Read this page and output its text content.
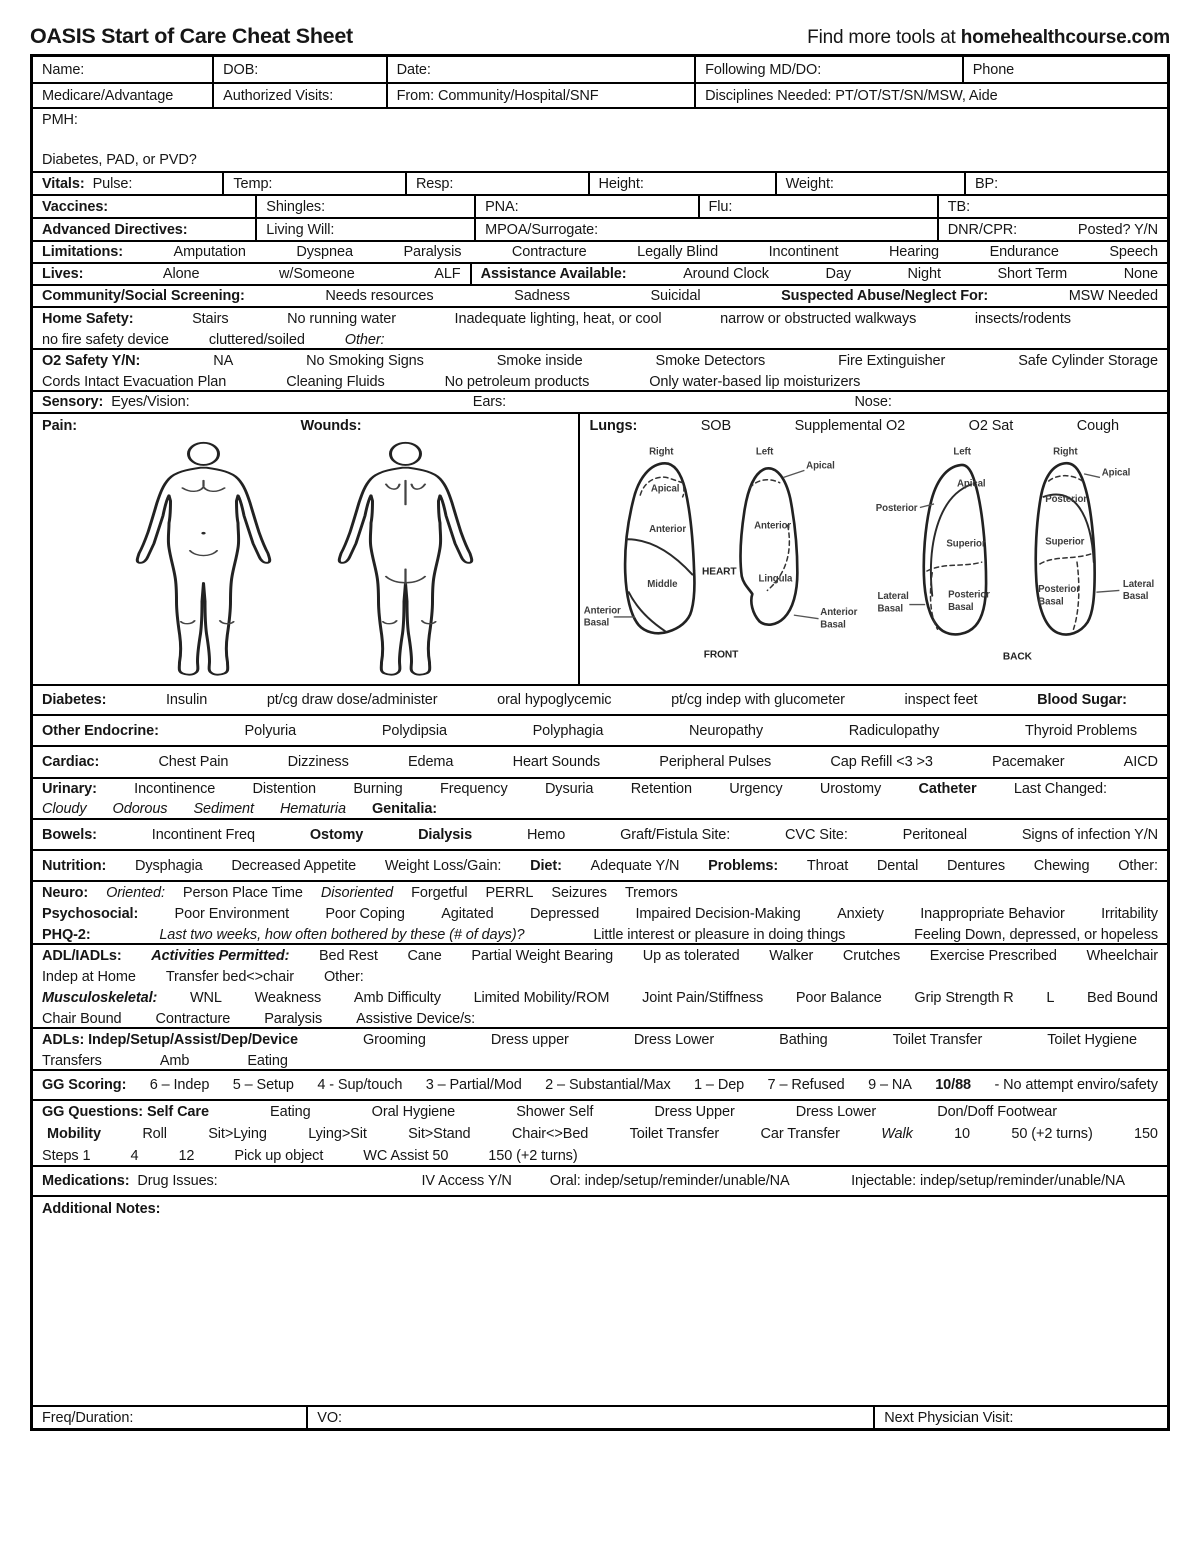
OASIS Start of Care Cheat Sheet	Find more tools at homehealthcourse.com
Name:	DOB:	Date:	Following MD/DO:	Phone
Medicare/Advantage	Authorized Visits:	From: Community/Hospital/SNF	Disciplines Needed: PT/OT/ST/SN/MSW, Aide
PMH:
Diabetes, PAD, or PVD?
Vitals: Pulse:	Temp:	Resp:	Height:	Weight:	BP:
Vaccines:	Shingles:	PNA:	Flu:	TB:
Advanced Directives:	Living Will:	MPOA/Surrogate:	DNR/CPR:	Posted? Y/N
Limitations:	Amputation	Dyspnea	Paralysis	Contracture	Legally Blind	Incontinent	Hearing	Endurance	Speech
Lives:	Alone	w/Someone	ALF Assistance Available:	Around Clock	Day	Night	Short Term	None
Community/Social Screening:	Needs resources	Sadness	Suicidal	Suspected Abuse/Neglect For:	MSW Needed
Home Safety:	Stairs	No running water	Inadequate lighting, heat, or cool	narrow or obstructed walkways	insects/rodents
no fire safety device	cluttered/soiled	Other:
O2 Safety Y/N:	NA	No Smoking Signs	Smoke inside	Smoke Detectors	Fire Extinguisher	Safe Cylinder Storage
Cords Intact Evacuation Plan	Cleaning Fluids	No petroleum products	Only water-based lip moisturizers
Sensory: Eyes/Vision:	Ears:	Nose:
Pain:	Wounds:	Lungs:	SOB	Supplemental O2	O2 Sat	Cough
Right	Left
Apical
Apical
Anterior	Anterior
Middle	Lingula
HEART
FRONT
Anterior
Basal
Anterior
Basal
Left	Right
Apical
Apical
Posterior
Posterior
Superior	Superior
Posterior
Basal
Posterior
Basal
Lateral
Basal
Lateral
Basal
BACK
Diabetes:	Insulin	pt/cg draw dose/administer	oral hypoglycemic	pt/cg indep with glucometer	inspect feet	Blood Sugar:
Other Endocrine:	Polyuria	Polydipsia	Polyphagia	Neuropathy	Radiculopathy	Thyroid Problems
Cardiac:	Chest Pain	Dizziness	Edema	Heart Sounds	Peripheral Pulses	Cap Refill <3 >3	Pacemaker	AICD
Urinary:	Incontinence	Distention	Burning	Frequency	Dysuria	Retention	Urgency	Urostomy	Catheter	Last Changed:
Cloudy Odorous Sediment Hematuria Genitalia:
Bowels:	Incontinent Freq	Ostomy	Dialysis	Hemo	Graft/Fistula Site:	CVC Site:	Peritoneal	Signs of infection Y/N
Nutrition: Dysphagia Decreased Appetite Weight Loss/Gain: Diet: Adequate Y/N Problems: Throat Dental Dentures Chewing Other:
Neuro: Oriented: Person Place Time Disoriented Forgetful PERRL Seizures Tremors
Psychosocial:	Poor Environment	Poor Coping	Agitated	Depressed	Impaired Decision-Making	Anxiety	Inappropriate Behavior	Irritability
PHQ-2:	Last two weeks, how often bothered by these (# of days)?	Little interest or pleasure in doing things	Feeling Down, depressed, or hopeless
ADL/IADLs: Activities Permitted: Bed Rest Cane Partial Weight Bearing Up as tolerated Walker Crutches Exercise Prescribed Wheelchair
Indep at Home Transfer bed<>chair Other:
Musculoskeletal: WNL Weakness Amb Difficulty Limited Mobility/ROM Joint Pain/Stiffness Poor Balance Grip Strength R L Bed Bound
Chair Bound Contracture Paralysis Assistive Device/s:
ADLs: Indep/Setup/Assist/Dep/Device	Grooming	Dress upper	Dress Lower	Bathing	Toilet Transfer	Toilet Hygiene
Transfers	Amb	Eating
GG Scoring: 6 – Indep 5 – Setup 4 - Sup/touch 3 – Partial/Mod 2 – Substantial/Max 1 – Dep 7 – Refused 9 – NA 10/88 - No attempt enviro/safety
GG Questions: Self Care	Eating	Oral Hygiene	Shower Self	Dress Upper	Dress Lower	Don/Doff Footwear
Mobility	Roll	Sit>Lying	Lying>Sit	Sit>Stand	Chair<>Bed	Toilet Transfer	Car Transfer	Walk	10	50 (+2 turns)	150
Steps 1	4	12	Pick up object	WC Assist 50	150 (+2 turns)
Medications: Drug Issues:	IV Access Y/N	Oral: indep/setup/reminder/unable/NA	Injectable: indep/setup/reminder/unable/NA
Additional Notes:
Freq/Duration:	VO:	Next Physician Visit:
